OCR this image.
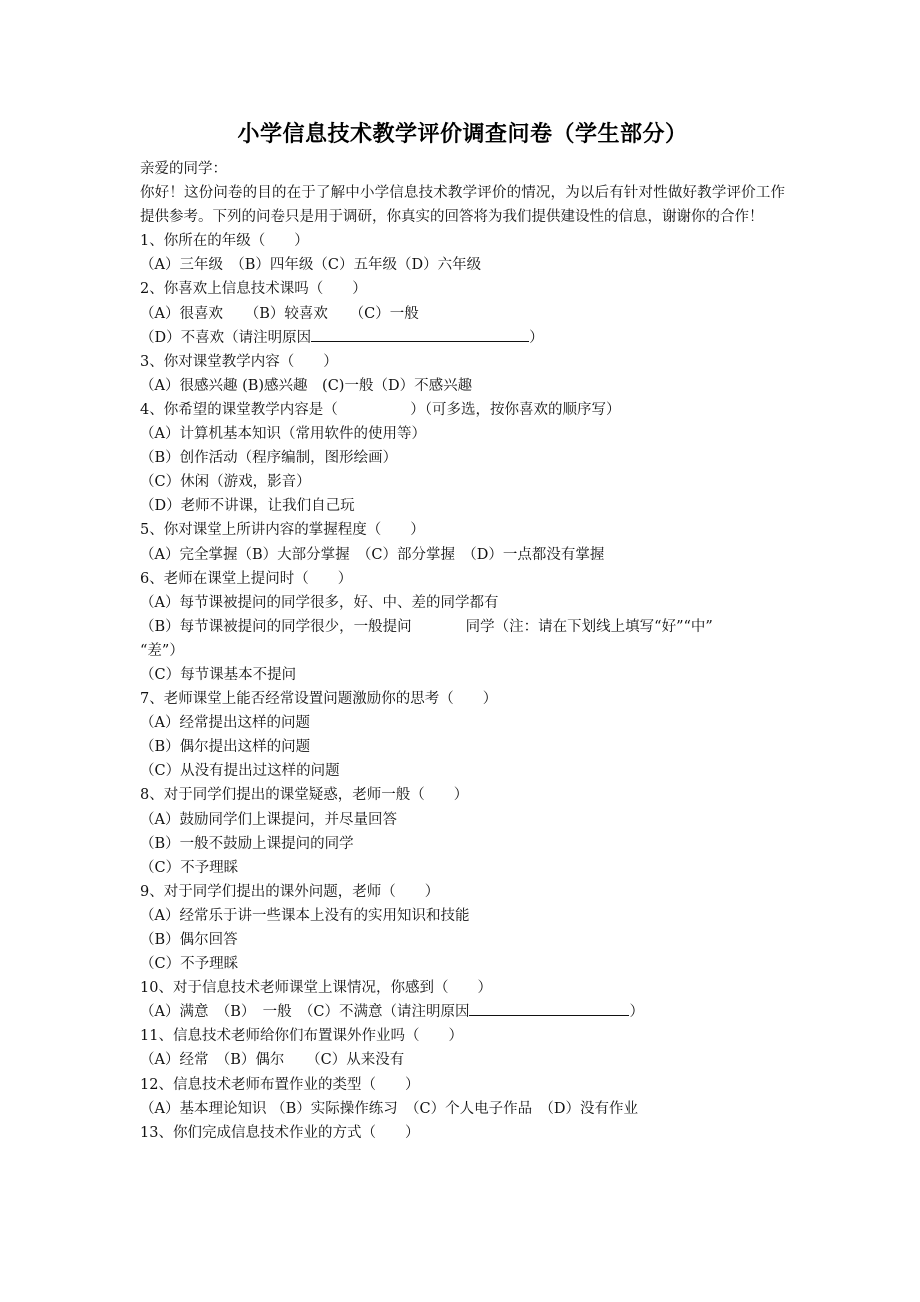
小学信息技术教学评价调查问卷（学生部分）
亲爱的同学：
你好！这份问卷的目的在于了解中小学信息技术教学评价的情况，为以后有针对性做好教学评价工作提供参考。下列的问卷只是用于调研，你真实的回答将为我们提供建设性的信息，谢谢你的合作！
1、你所在的年级（　　）
（A）三年级　（B）四年级（C）五年级（D）六年级
2、你喜欢上信息技术课吗（　　）
（A）很喜欢　　（B）较喜欢　　（C）一般
（D）不喜欢（请注明原因	）
3、你对课堂教学内容（　　）
（A）很感兴趣 (B)感兴趣　(C)一般（D）不感兴趣
4、你希望的课堂教学内容是（　　　　　）（可多选，按你喜欢的顺序写）
（A）计算机基本知识（常用软件的使用等）
（B）创作活动（程序编制，图形绘画）
（C）休闲（游戏，影音）
（D）老师不讲课，让我们自己玩
5、你对课堂上所讲内容的掌握程度（　　）
（A）完全掌握（B）大部分掌握　（C）部分掌握　（D）一点都没有掌握
6、老师在课堂上提问时（　　）
（A）每节课被提问的同学很多，好、中、差的同学都有
（B）每节课被提问的同学很少，一般提问	同学（注：请在下划线上填写“好”“中”
“差”）
（C）每节课基本不提问
7、老师课堂上能否经常设置问题激励你的思考（　　）
（A）经常提出这样的问题
（B）偶尔提出这样的问题
（C）从没有提出过这样的问题
8、对于同学们提出的课堂疑惑，老师一般（　　）
（A）鼓励同学们上课提问，并尽量回答
（B）一般不鼓励上课提问的同学
（C）不予理睬
9、对于同学们提出的课外问题，老师（　　）
（A）经常乐于讲一些课本上没有的实用知识和技能
（B）偶尔回答
（C）不予理睬
10、对于信息技术老师课堂上课情况，你感到（　　）
（A）满意　（B）　一般　（C）不满意（请注明原因	）
11、信息技术老师给你们布置课外作业吗（　　）
（A）经常　（B）偶尔　　（C）从来没有
12、信息技术老师布置作业的类型（　　）
（A）基本理论知识 （B）实际操作练习　（C）个人电子作品　（D）没有作业
13、你们完成信息技术作业的方式（　　）
